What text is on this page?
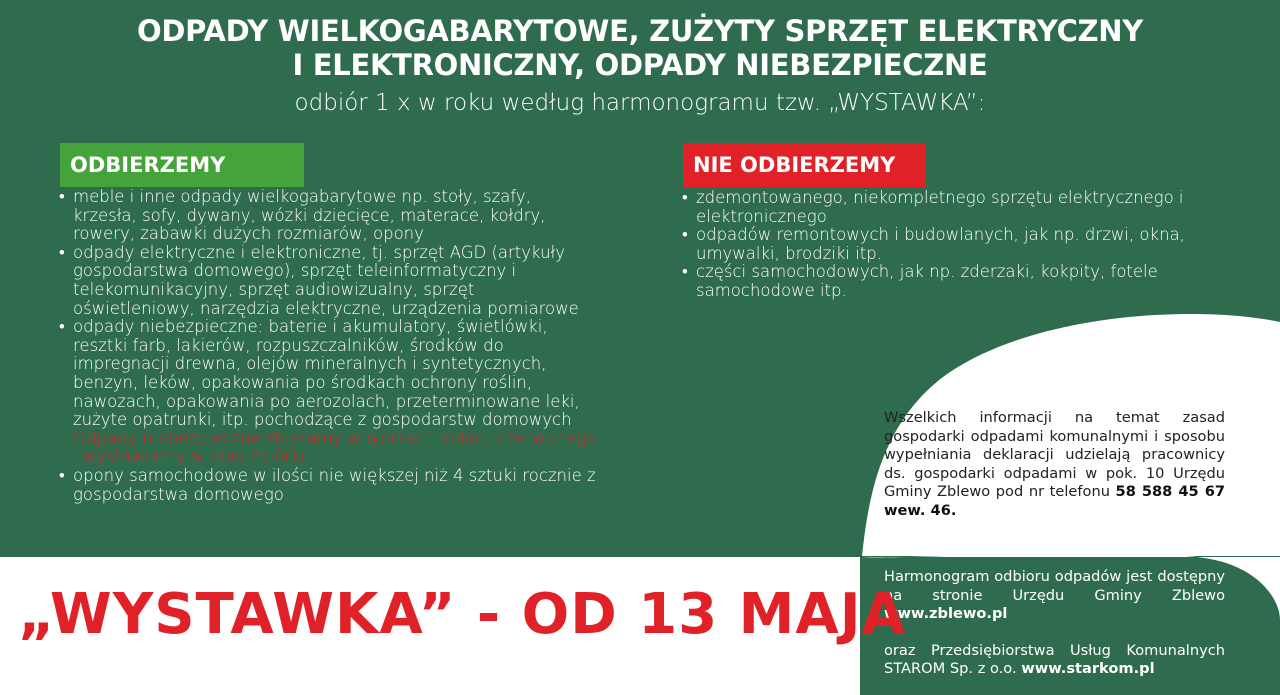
ODPADY WIELKOGABARYTOWE, ZUŻYTY SPRZĘT ELEKTRYCZNY
I ELEKTRONICZNY, ODPADY NIEBEZPIECZNE
odbiór 1 x w roku według harmonogramu tzw. „WYSTAWKA”:
ODBIERZEMY	NIE ODBIERZEMY
• meble i inne odpady wielkogabarytowe np. stoły, szafy, krzesła, sofy, dywany, wózki dziecięce, materace, kołdry, rowery, zabawki dużych rozmiarów, opony
• odpady elektryczne i elektroniczne, tj. sprzęt AGD (artykuły gospodarstwa domowego), sprzęt teleinformatyczny i telekomunikacyjny, sprzęt audiowizualny, sprzęt oświetleniowy, narzędzia elektryczne, urządzenia pomiarowe
• odpady niebezpieczne: baterie i akumulatory, świetlówki, resztki farb, lakierów, rozpuszczalników, środków do impregnacji drewna, olejów mineralnych i syntetycznych, benzyn, leków, opakowania po środkach ochrony roślin, nawozach, opakowania po aerozolach, przeterminowane leki, zużyte opatrunki, itp. pochodzące z gospodarstw domowych Odpady niebezpieczne zbieramy w workach koloru czerwonego i wystawiamy w dniu zbiórki.
• opony samochodowe w ilości nie większej niż 4 sztuki rocznie z gospodarstwa domowego
• zdemontowanego, niekompletnego sprzętu elektrycznego i elektronicznego
• odpadów remontowych i budowlanych, jak np. drzwi, okna, umywalki, brodziki itp.
• części samochodowych, jak np. zderzaki, kokpity, fotele samochodowe itp.
Wszelkich informacji na temat zasad gospodarki odpadami komunalnymi i sposobu wypełniania deklaracji udzielają pracownicy ds. gospodarki odpadami w pok. 10 Urzędu Gminy Zblewo pod nr telefonu 58 588 45 67 wew. 46.
Harmonogram odbioru odpadów jest dostępny na stronie Urzędu Gminy Zblewo www.zblewo.pl
oraz Przedsiębiorstwa Usług Komunalnych STAROM Sp. z o.o. www.starkom.pl
„WYSTAWKA” - OD 13 MAJA
